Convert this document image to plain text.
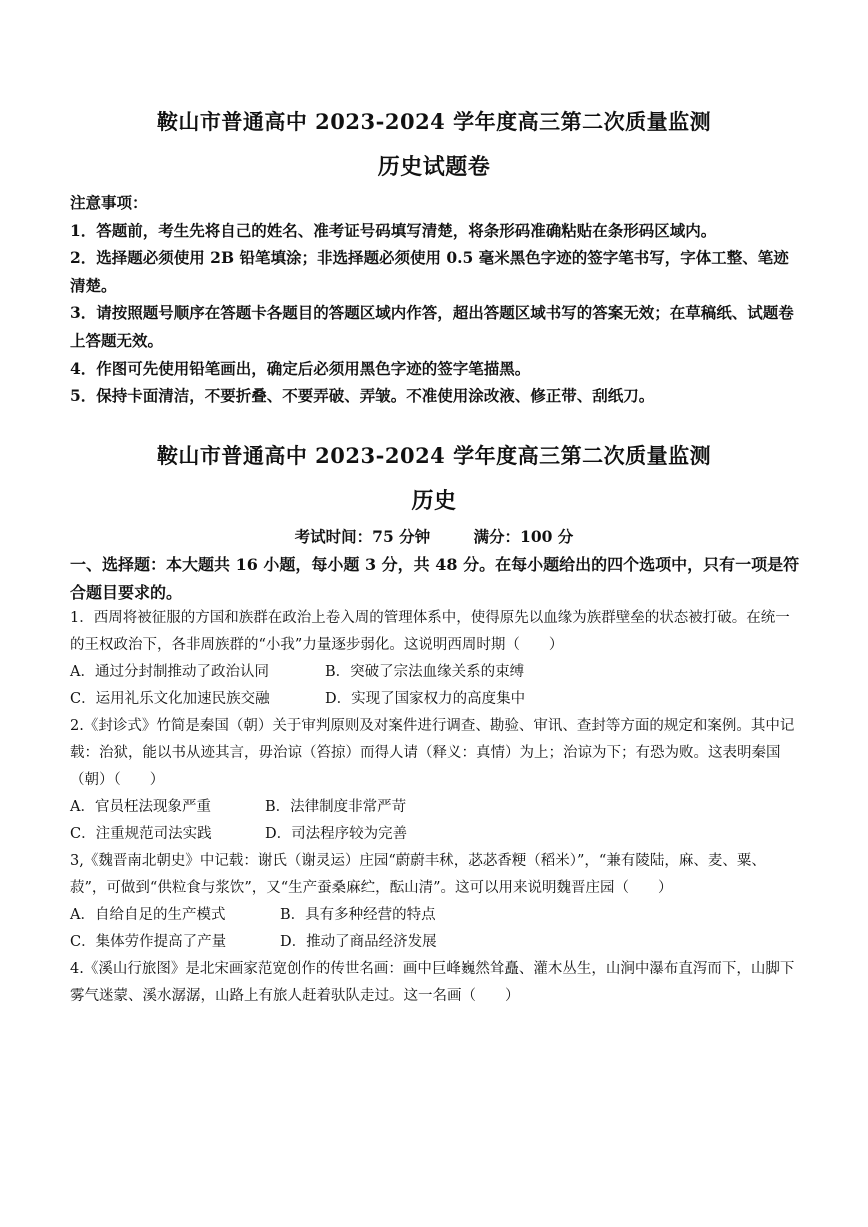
鞍山市普通高中 2023-2024 学年度高三第二次质量监测
历史试题卷

注意事项：

1．答题前，考生先将自己的姓名、准考证号码填写清楚，将条形码准确粘贴在条形码区域内。

2．选择题必须使用 2B 铅笔填涂；非选择题必须使用 0.5 毫米黑色字迹的签字笔书写，字体工整、笔迹清楚。

3．请按照题号顺序在答题卡各题目的答题区域内作答，超出答题区域书写的答案无效；在草稿纸、试题卷上答题无效。

4．作图可先使用铅笔画出，确定后必须用黑色字迹的签字笔描黑。

5．保持卡面清洁，不要折叠、不要弄破、弄皱。不准使用涂改液、修正带、刮纸刀。

鞍山市普通高中 2023-2024 学年度高三第二次质量监测
历史
考试时间：75 分钟	满分：100 分
一、选择题：本大题共 16 小题，每小题 3 分，共 48 分。在每小题给出的四个选项中，只有一项是符合题目要求的。

1．西周将被征服的方国和族群在政治上卷入周的管理体系中，使得原先以血缘为族群壁垒的状态被打破。在统一的王权政治下，各非周族群的“小我”力量逐步弱化。这说明西周时期（　　）

A．通过分封制推动了政治认同	B．突破了宗法血缘关系的束缚
C．运用礼乐文化加速民族交融	D．实现了国家权力的高度集中

2.《封诊式》竹简是秦国（朝）关于审判原则及对案件进行调查、勘验、审讯、查封等方面的规定和案例。其中记载：治狱，能以书从迹其言，毋治谅（笞掠）而得人请（释义：真情）为上；治谅为下；有恐为败。这表明秦国（朝）（　　）

A．官员枉法现象严重	B．法律制度非常严苛
C．注重规范司法实践	D．司法程序较为完善

3,《魏晋南北朝史》中记载：谢氏（谢灵运）庄园“蔚蔚丰秫，苾苾香粳（稻米）”，“兼有陵陆，麻、麦、粟、菽”，可做到“供粒食与浆饮”，又“生产蚕桑麻纻，酝山清”。这可以用来说明魏晋庄园（　　）

A．自给自足的生产模式	B．具有多种经营的特点
C．集体劳作提高了产量	D．推动了商品经济发展

4.《溪山行旅图》是北宋画家范宽创作的传世名画：画中巨峰巍然耸矗、灌木丛生，山涧中瀑布直泻而下，山脚下雾气迷蒙、溪水潺潺，山路上有旅人赶着驮队走过。这一名画（　　）
